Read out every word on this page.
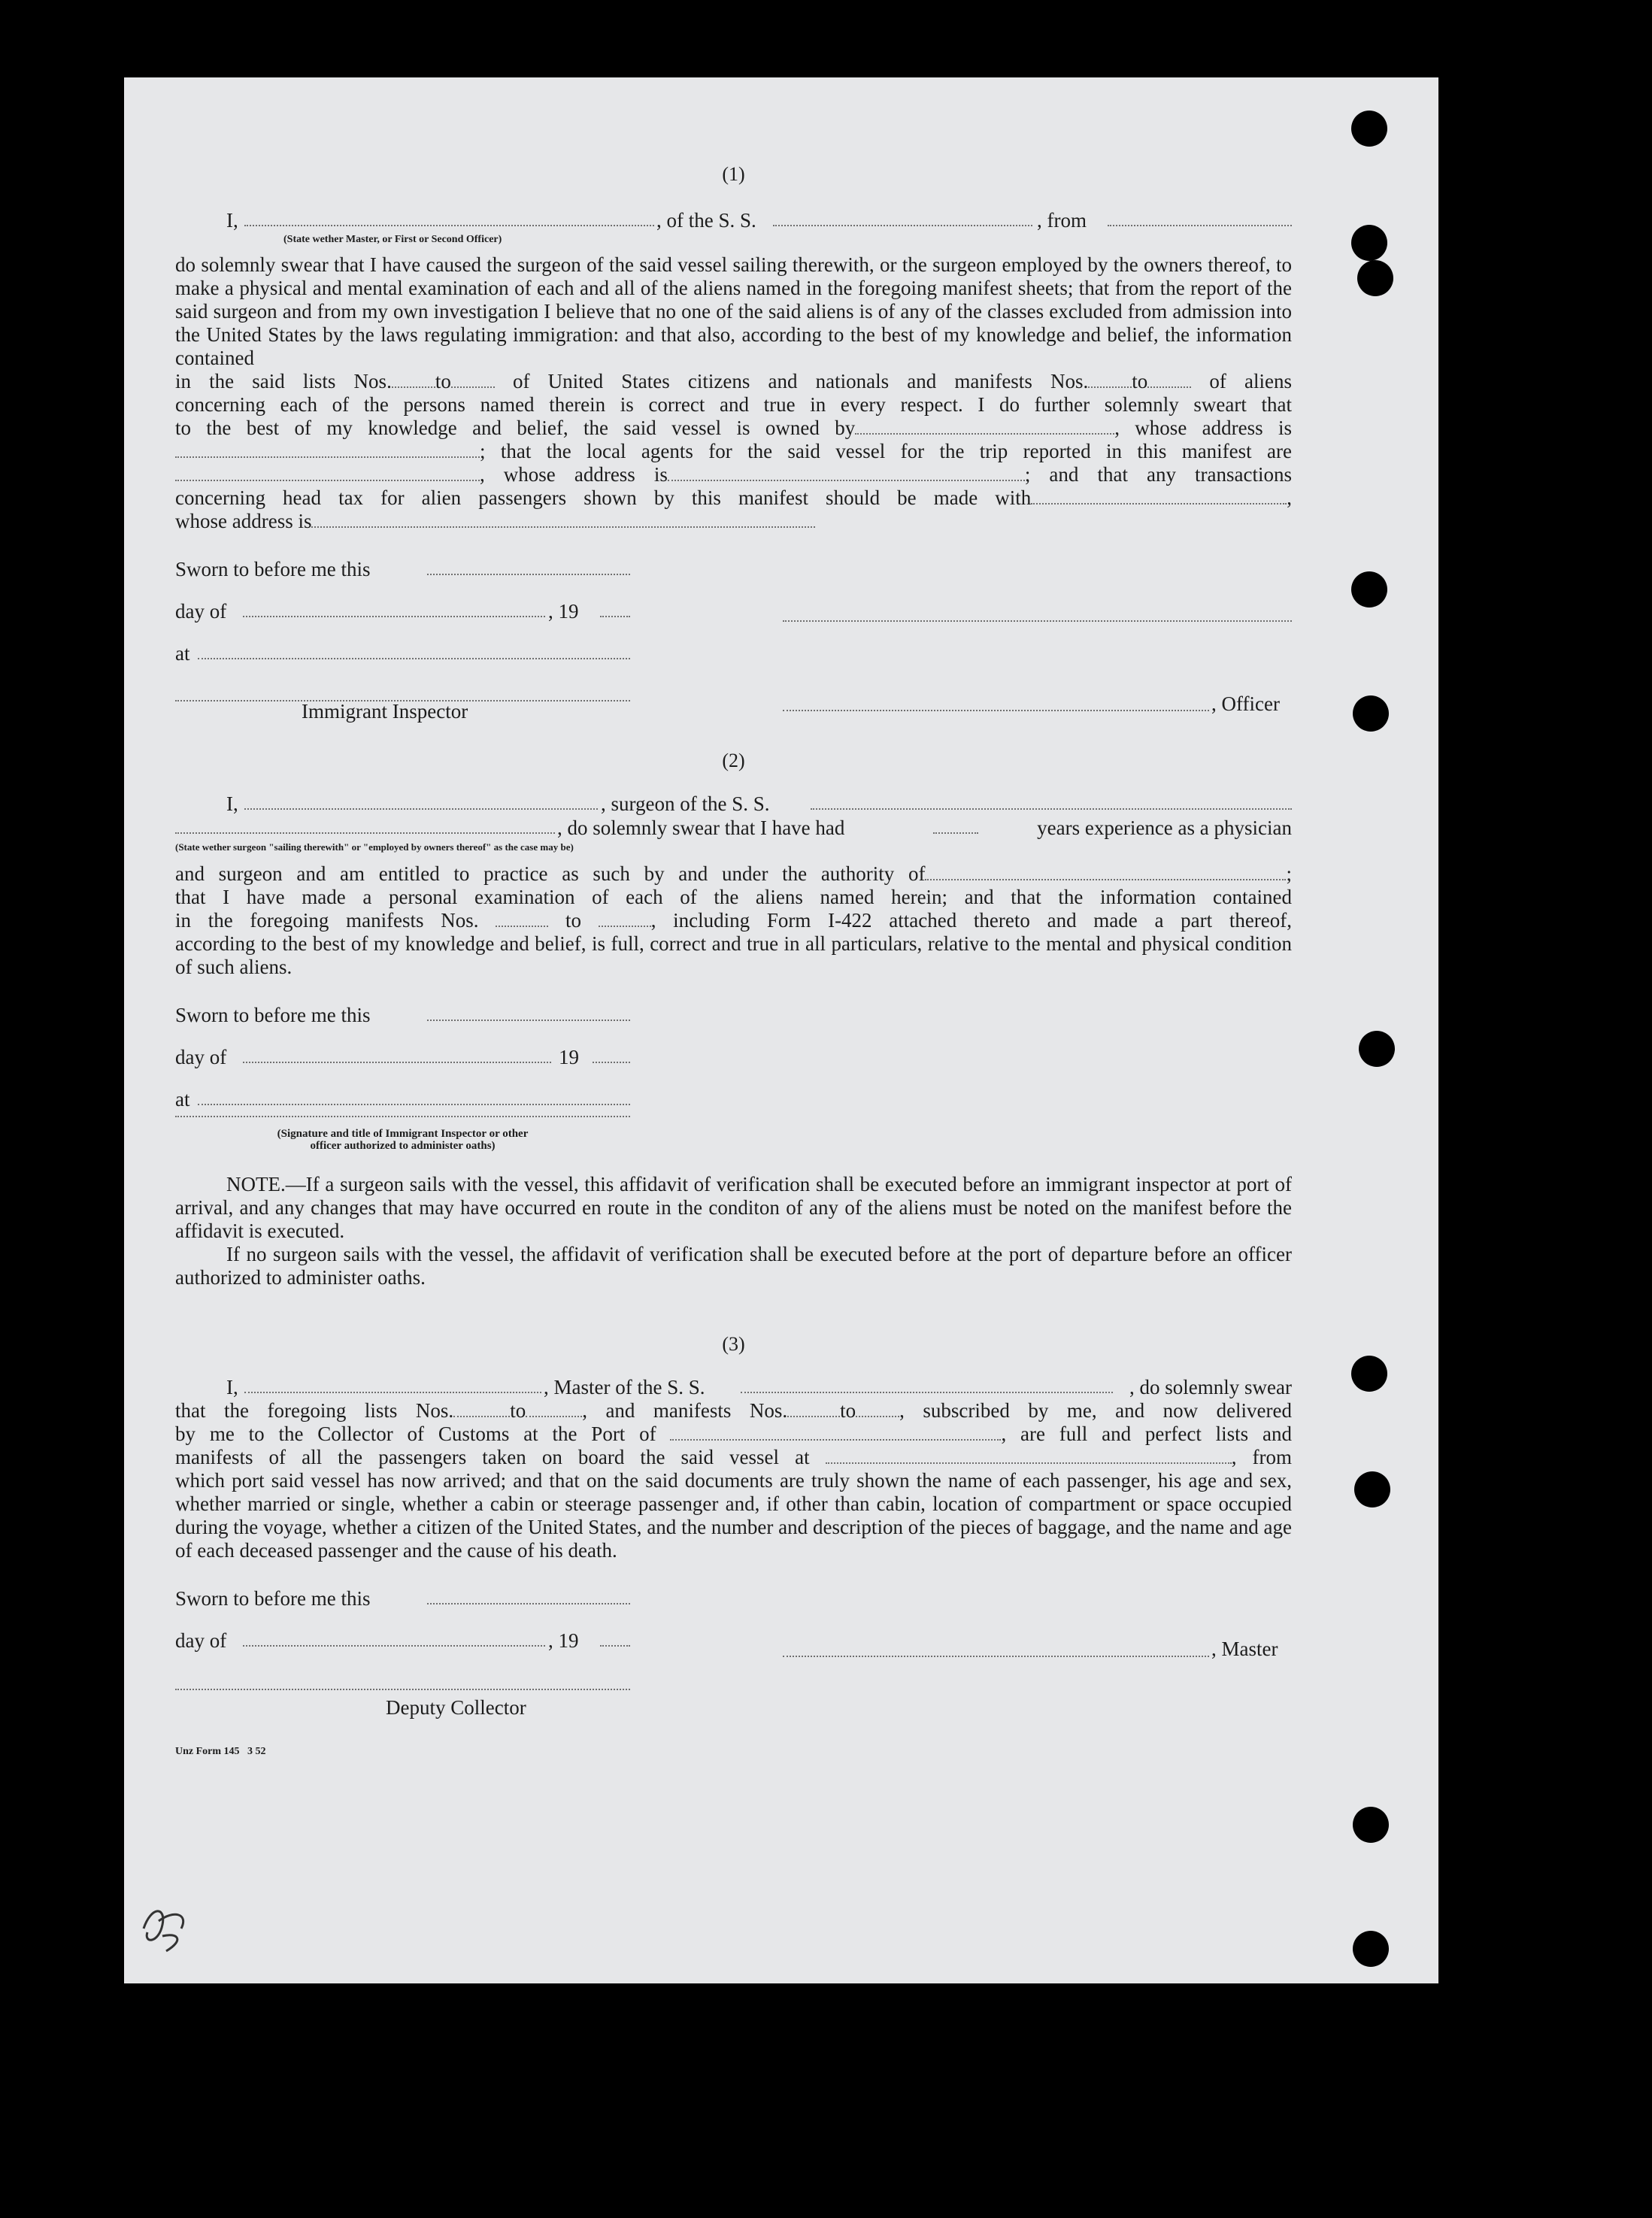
(1)

I,	, of the S. S.	, from
(State wether Master, or First or Second Officer)

do solemnly swear that I have caused the surgeon of the said vessel sailing therewith, or the surgeon employed by the owners thereof, to make a physical and mental examination of each and all of the aliens named in the foregoing manifest sheets; that from the report of the said surgeon and from my own investigation I believe that no one of the said aliens is of any of the classes excluded from admission into the United States by the laws regulating immigration: and that also, according to the best of my knowledge and belief, the information contained

in the said lists Nos. to	of United States citizens and nationals and manifests Nos. to	of aliens

concerning each of the persons named therein is correct and true in every respect. I do further solemnly sweart that

to the best of my knowledge and belief, the said vessel is owned by	, whose address is

; that the local agents for the said vessel for the trip reported in this manifest are

, whose address is	; and that any transactions

concerning head tax for alien passengers shown by this manifest should be made with	,

whose address is

Sworn to before me this
day of	, 19
at
, Officer
Immigrant Inspector

(2)

I,	, surgeon of the S. S.
, do solemnly swear that I have had	years experience as a physician
(State wether surgeon "sailing therewith" or "employed by owners thereof" as the case may be)

and surgeon and am entitled to practice as such by and under the authority of	;

that I have made a personal examination of each of the aliens named herein; and that the information contained

in the foregoing manifests Nos.	to	, including Form I-422 attached thereto and made a part thereof,

according to the best of my knowledge and belief, is full, correct and true in all particulars, relative to the mental and physical condition of such aliens.

Sworn to before me this
day of	19
at
(Signature and title of Immigrant Inspector or other
officer authorized to administer oaths)

NOTE.—If a surgeon sails with the vessel, this affidavit of verification shall be executed before an immigrant inspector at port of arrival, and any changes that may have occurred en route in the conditon of any of the aliens must be noted on the manifest before the affidavit is executed.

If no surgeon sails with the vessel, the affidavit of verification shall be executed before at the port of departure before an officer authorized to administer oaths.

(3)

I,	, Master of the S. S.	, do solemnly swear

that the foregoing lists Nos.	to	, and manifests Nos.	to , subscribed by me, and now delivered

by me to the Collector of Customs at the Port of	, are full and perfect lists and

manifests of all the passengers taken on board the said vessel at	, from

which port said vessel has now arrived; and that on the said documents are truly shown the name of each passenger, his age and sex, whether married or single, whether a cabin or steerage passenger and, if other than cabin, location of compartment or space occupied during the voyage, whether a citizen of the United States, and the number and description of the pieces of baggage, and the name and age of each deceased passenger and the cause of his death.

Sworn to before me this
day of	, 19	, Master
Deputy Collector
Unz Form 145   3 52
